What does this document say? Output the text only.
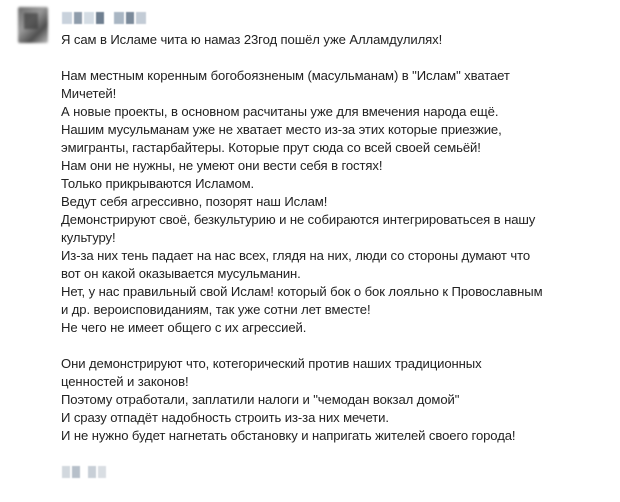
Я сам в Исламе чита ю намаз 23год пошёл уже Алламдулилях!
Нам местным коренным богобоязненым (масульманам) в "Ислам" хватает
Мичетей!
А новые проекты, в основном расчитаны уже для вмечения народа ещё.
Нашим мусульманам уже не хватает место из-за этих которые приезжие,
эмигранты, гастарбайтеры. Которые прут сюда со всей своей семьёй!
Нам они не нужны, не умеют они вести себя в гостях!
Только прикрываются Исламом.
Ведут себя агрессивно, позорят наш Ислам!
Демонстрируют своё, безкультурию и не собираются интегрироватьсея в нашу
культуру!
Из-за них тень падает на нас всех, глядя на них, люди со стороны думают что
вот он какой оказывается мусульманин.
Нет, у нас правильный свой Ислам! который бок о бок лояльно к Провославным
и др. вероисповиданиям, так уже сотни лет вместе!
Не чего не имеет общего с их агрессией.
Они демонстрируют что, котегорический против наших традиционных
ценностей и законов!
Поэтому отработали, заплатили налоги и "чемодан вокзал домой"
И сразу отпадёт надобность строить из-за них мечети.
И не нужно будет нагнетать обстановку и напригать жителей своего города!
